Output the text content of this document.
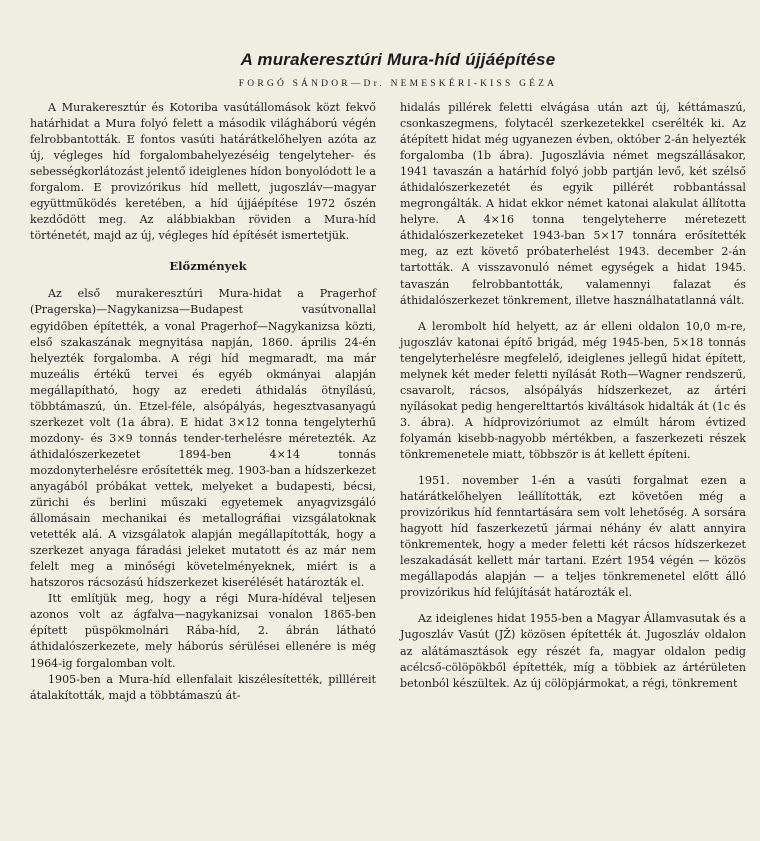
A murakeresztúri Mura-híd újjáépítése
FORGÓ SÁNDOR—Dr. NEMESKÉRI-KISS GÉZA

A Murakeresztúr és Kotoriba vasútállomások közt fekvő határhidat a Mura folyó felett a második világháború végén felrobbantották. E fontos vasúti határátkelőhelyen azóta az új, végleges híd forgalombahelyezéséig tengelyteher- és sebességkorlátozást jelentő ideiglenes hídon bonyolódott le a forgalom. E provizórikus híd mellett, jugoszláv—magyar együttműködés keretében, a híd újjáépítése 1972 őszén kezdődött meg. Az alábbiakban röviden a Mura-híd történetét, majd az új, végleges híd építését ismertetjük.

Előzmények

Az első murakeresztúri Mura-hidat a Pragerhof (Pragerska)—Nagykanizsa—Budapest vasútvonallal egyidőben építették, a vonal Pragerhof—Nagykanizsa közti, első szakaszának megnyitása napján, 1860. április 24-én helyezték forgalomba. A régi híd megmaradt, ma már muzeális értékű tervei és egyéb okmányai alapján megállapítható, hogy az eredeti áthidalás ötnyílású, többtámaszú, ún. Etzel-féle, alsópályás, hegesztvasanyagú szerkezet volt (1a ábra). E hidat 3×12 tonna tengelyterhű mozdony- és 3×9 tonnás tender-terhelésre méretezték. Az áthidalószerkezetet 1894-ben 4×14 tonnás mozdonyterhelésre erősítették meg. 1903-ban a hídszerkezet anyagából próbákat vettek, melyeket a budapesti, bécsi, zürichi és berlini műszaki egyetemek anyagvizsgáló állomásain mechanikai és metallográfiai vizsgálatoknak vetették alá. A vizsgálatok alapján megállapították, hogy a szerkezet anyaga fáradási jeleket mutatott és az már nem felelt meg a minőségi követelményeknek, miért is a hatszoros rácsozású hídszerkezet kiserélését határozták el.

Itt említjük meg, hogy a régi Mura-hídéval teljesen azonos volt az ágfalva—nagykanizsai vonalon 1865-ben épített püspökmolnári Rába-híd, 2. ábrán látható áthidalószerkezete, mely háborús sérülései ellenére is még 1964-ig forgalomban volt.

1905-ben a Mura-híd ellenfalait kiszélesítették, pillléreit átalakították, majd a többtámaszú át-

hidalás pillérek feletti elvágása után azt új, kéttámaszú, csonkaszegmens, folytacél szerkezetekkel cserélték ki. Az átépített hidat még ugyanezen évben, október 2-án helyezték forgalomba (1b ábra). Jugoszlávia német megszállásakor, 1941 tavaszán a határhíd folyó jobb partján levő, két szélső áthidalószerkezetét és egyik pillérét robbantással megrongálták. A hidat ekkor német katonai alakulat állította helyre. A 4×16 tonna tengelyteherre méretezett áthidalószerkezeteket 1943-ban 5×17 tonnára erősítették meg, az ezt követő próbaterhelést 1943. december 2-án tartották. A visszavonuló német egységek a hidat 1945. tavaszán felrobbantották, valamennyi falazat és áthidalószerkezet tönkrement, illetve használhatatlanná vált.

A lerombolt híd helyett, az ár elleni oldalon 10,0 m-re, jugoszláv katonai építő brigád, még 1945-ben, 5×18 tonnás tengelyterhelésre megfelelő, ideiglenes jellegű hidat épített, melynek két meder feletti nyílását Roth—Wagner rendszerű, csavarolt, rácsos, alsópályás hídszerkezet, az ártéri nyílásokat pedig hengerelttartós kiváltások hidalták át (1c és 3. ábra). A hídprovizóriumot az elmúlt három évtized folyamán kisebb-nagyobb mértékben, a faszerkezeti részek tönkremenetele miatt, többször is át kellett építeni.

1951. november 1-én a vasúti forgalmat ezen a határátkelőhelyen leállították, ezt követően még a provizórikus híd fenntartására sem volt lehetőség. A sorsára hagyott híd faszerkezetű jármai néhány év alatt annyira tönkrementek, hogy a meder feletti két rácsos hídszerkezet leszakadását kellett már tartani. Ezért 1954 végén — közös megállapodás alapján — a teljes tönkremenetel előtt álló provizórikus híd felújítását határozták el.

Az ideiglenes hidat 1955-ben a Magyar Államvasutak és a Jugoszláv Vasút (JŽ) közösen építették át. Jugoszláv oldalon az alátámasztások egy részét fa, magyar oldalon pedig acélcső-cölöpökből építették, míg a többiek az ártérületen betonból készültek. Az új cölöpjármokat, a régi, tönkrement
